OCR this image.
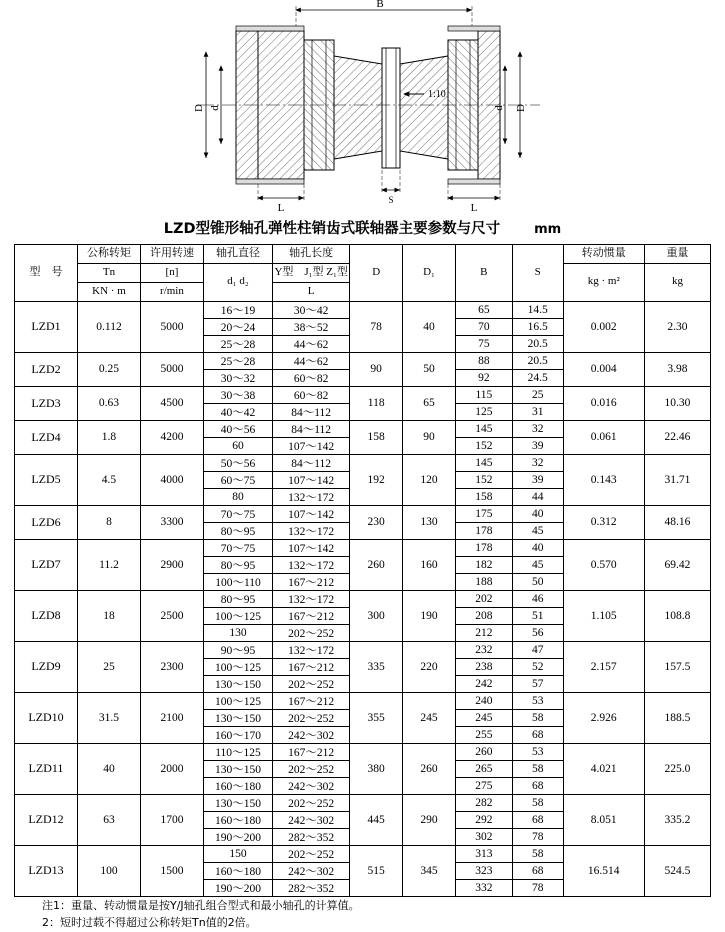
B
D d	D
d
L	L
S
1:10
LZD型锥形轴孔弹性柱销齿式联轴器主要参数与尺寸	mm
型　号	公称转矩	许用转速	轴孔直径	轴孔长度	D	D₁	B	S	转动惯量	重量
	Tn	[n]	d₁ d₂	Y型　J₁型 Z₁型					kg · m²	kg
	KN · m	r/min		L						
LZD1	0.112	5000	16～19	30～42	78	40	65	14.5	0.002	2.30
			20～24	38～52			70	16.5		
			25～28	44～62			75	20.5		
LZD2	0.25	5000	25～28	44～62	90	50	88	20.5	0.004	3.98
			30～32	60～82			92	24.5		
LZD3	0.63	4500	30～38	60～82	118	65	115	25	0.016	10.30
			40～42	84～112			125	31		
LZD4	1.8	4200	40～56	84～112	158	90	145	32	0.061	22.46
			60	107～142			152	39		
LZD5	4.5	4000	50～56	84～112	192	120	145	32	0.143	31.71
			60～75	107～142			152	39		
			80	132～172			158	44		
LZD6	8	3300	70～75	107～142	230	130	175	40	0.312	48.16
			80～95	132～172			178	45		
LZD7	11.2	2900	70～75	107～142	260	160	178	40	0.570	69.42
			80～95	132～172			182	45		
			100～110	167～212			188	50		
LZD8	18	2500	80～95	132～172	300	190	202	46	1.105	108.8
			100～125	167～212			208	51		
			130	202～252			212	56		
LZD9	25	2300	90～95	132～172	335	220	232	47	2.157	157.5
			100～125	167～212			238	52		
			130～150	202～252			242	57		
LZD10	31.5	2100	100～125	167～212	355	245	240	53	2.926	188.5
			130～150	202～252			245	58		
			160～170	242～302			255	68		
LZD11	40	2000	110～125	167～212	380	260	260	53	4.021	225.0
			130～150	202～252			265	58		
			160～180	242～302			275	68		
LZD12	63	1700	130～150	202～252	445	290	282	58	8.051	335.2
			160～180	242～302			292	68		
			190～200	282～352			302	78		
LZD13	100	1500	150	202～252	515	345	313	58	16.514	524.5
			160～180	242～302			323	68		
			190～200	282～352			332	78		
注1：重量、转动惯量是按Y/J轴孔组合型式和最小轴孔的计算值。
2：短时过载不得超过公称转矩Tn值的2倍。
